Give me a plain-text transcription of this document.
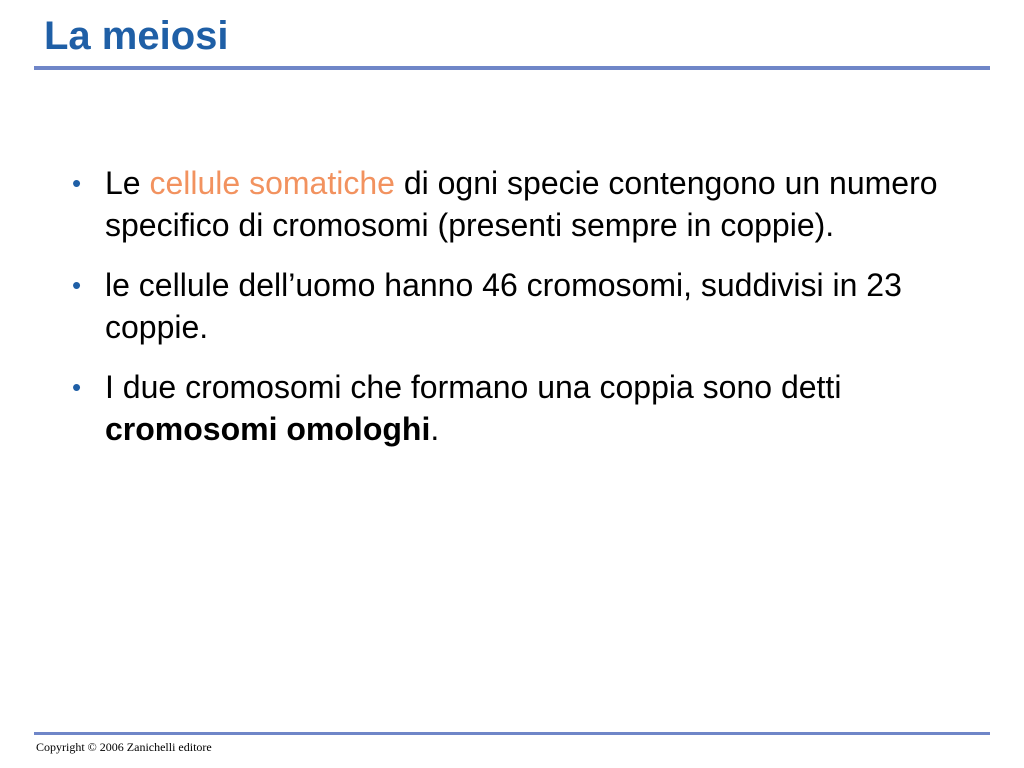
La meiosi
• Le cellule somatiche di ogni specie contengono un numero specifico di cromosomi (presenti sempre in coppie).
• le cellule dell’uomo hanno 46 cromosomi, suddivisi in 23 coppie.
• I due cromosomi che formano una coppia sono detti cromosomi omologhi.
Copyright © 2006 Zanichelli editore
